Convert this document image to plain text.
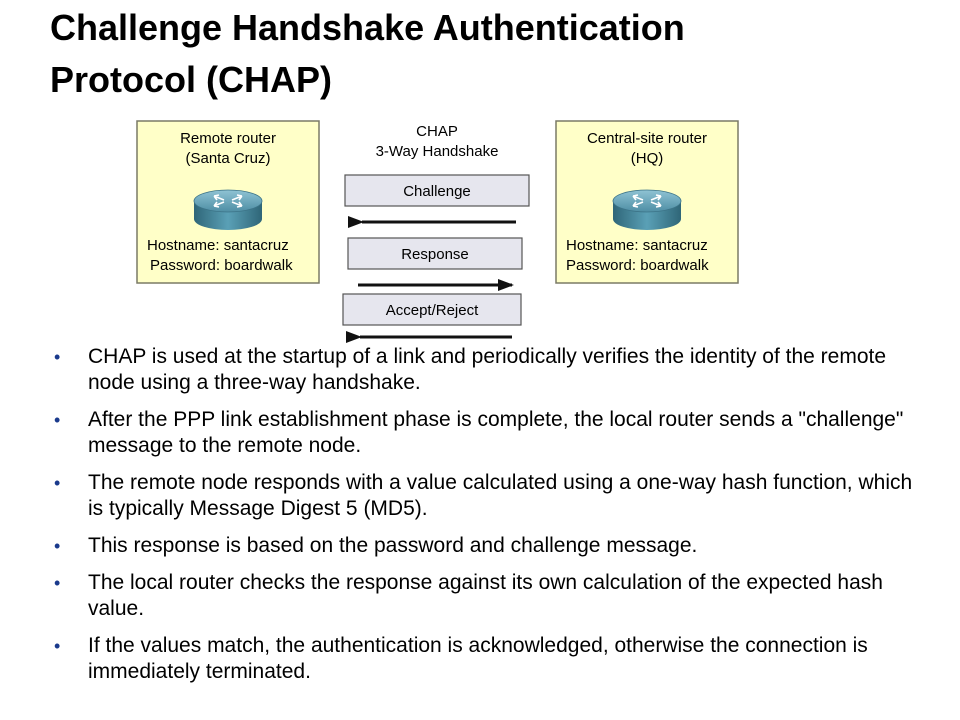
Challenge Handshake Authentication
Protocol (CHAP)
Remote router
(Santa Cruz)
Hostname: santacruz
Password: boardwalk
Central-site router
(HQ)
Hostname: santacruz
Password: boardwalk
CHAP
3-Way Handshake
Challenge
Response
Accept/Reject
• CHAP is used at the startup of a link and periodically verifies the identity of the remote node using a three-way handshake.
• After the PPP link establishment phase is complete, the local router sends a "challenge" message to the remote node.
• The remote node responds with a value calculated using a one-way hash function, which is typically Message Digest 5 (MD5).
• This response is based on the password and challenge message.
• The local router checks the response against its own calculation of the expected hash value.
• If the values match, the authentication is acknowledged, otherwise the connection is immediately terminated.
